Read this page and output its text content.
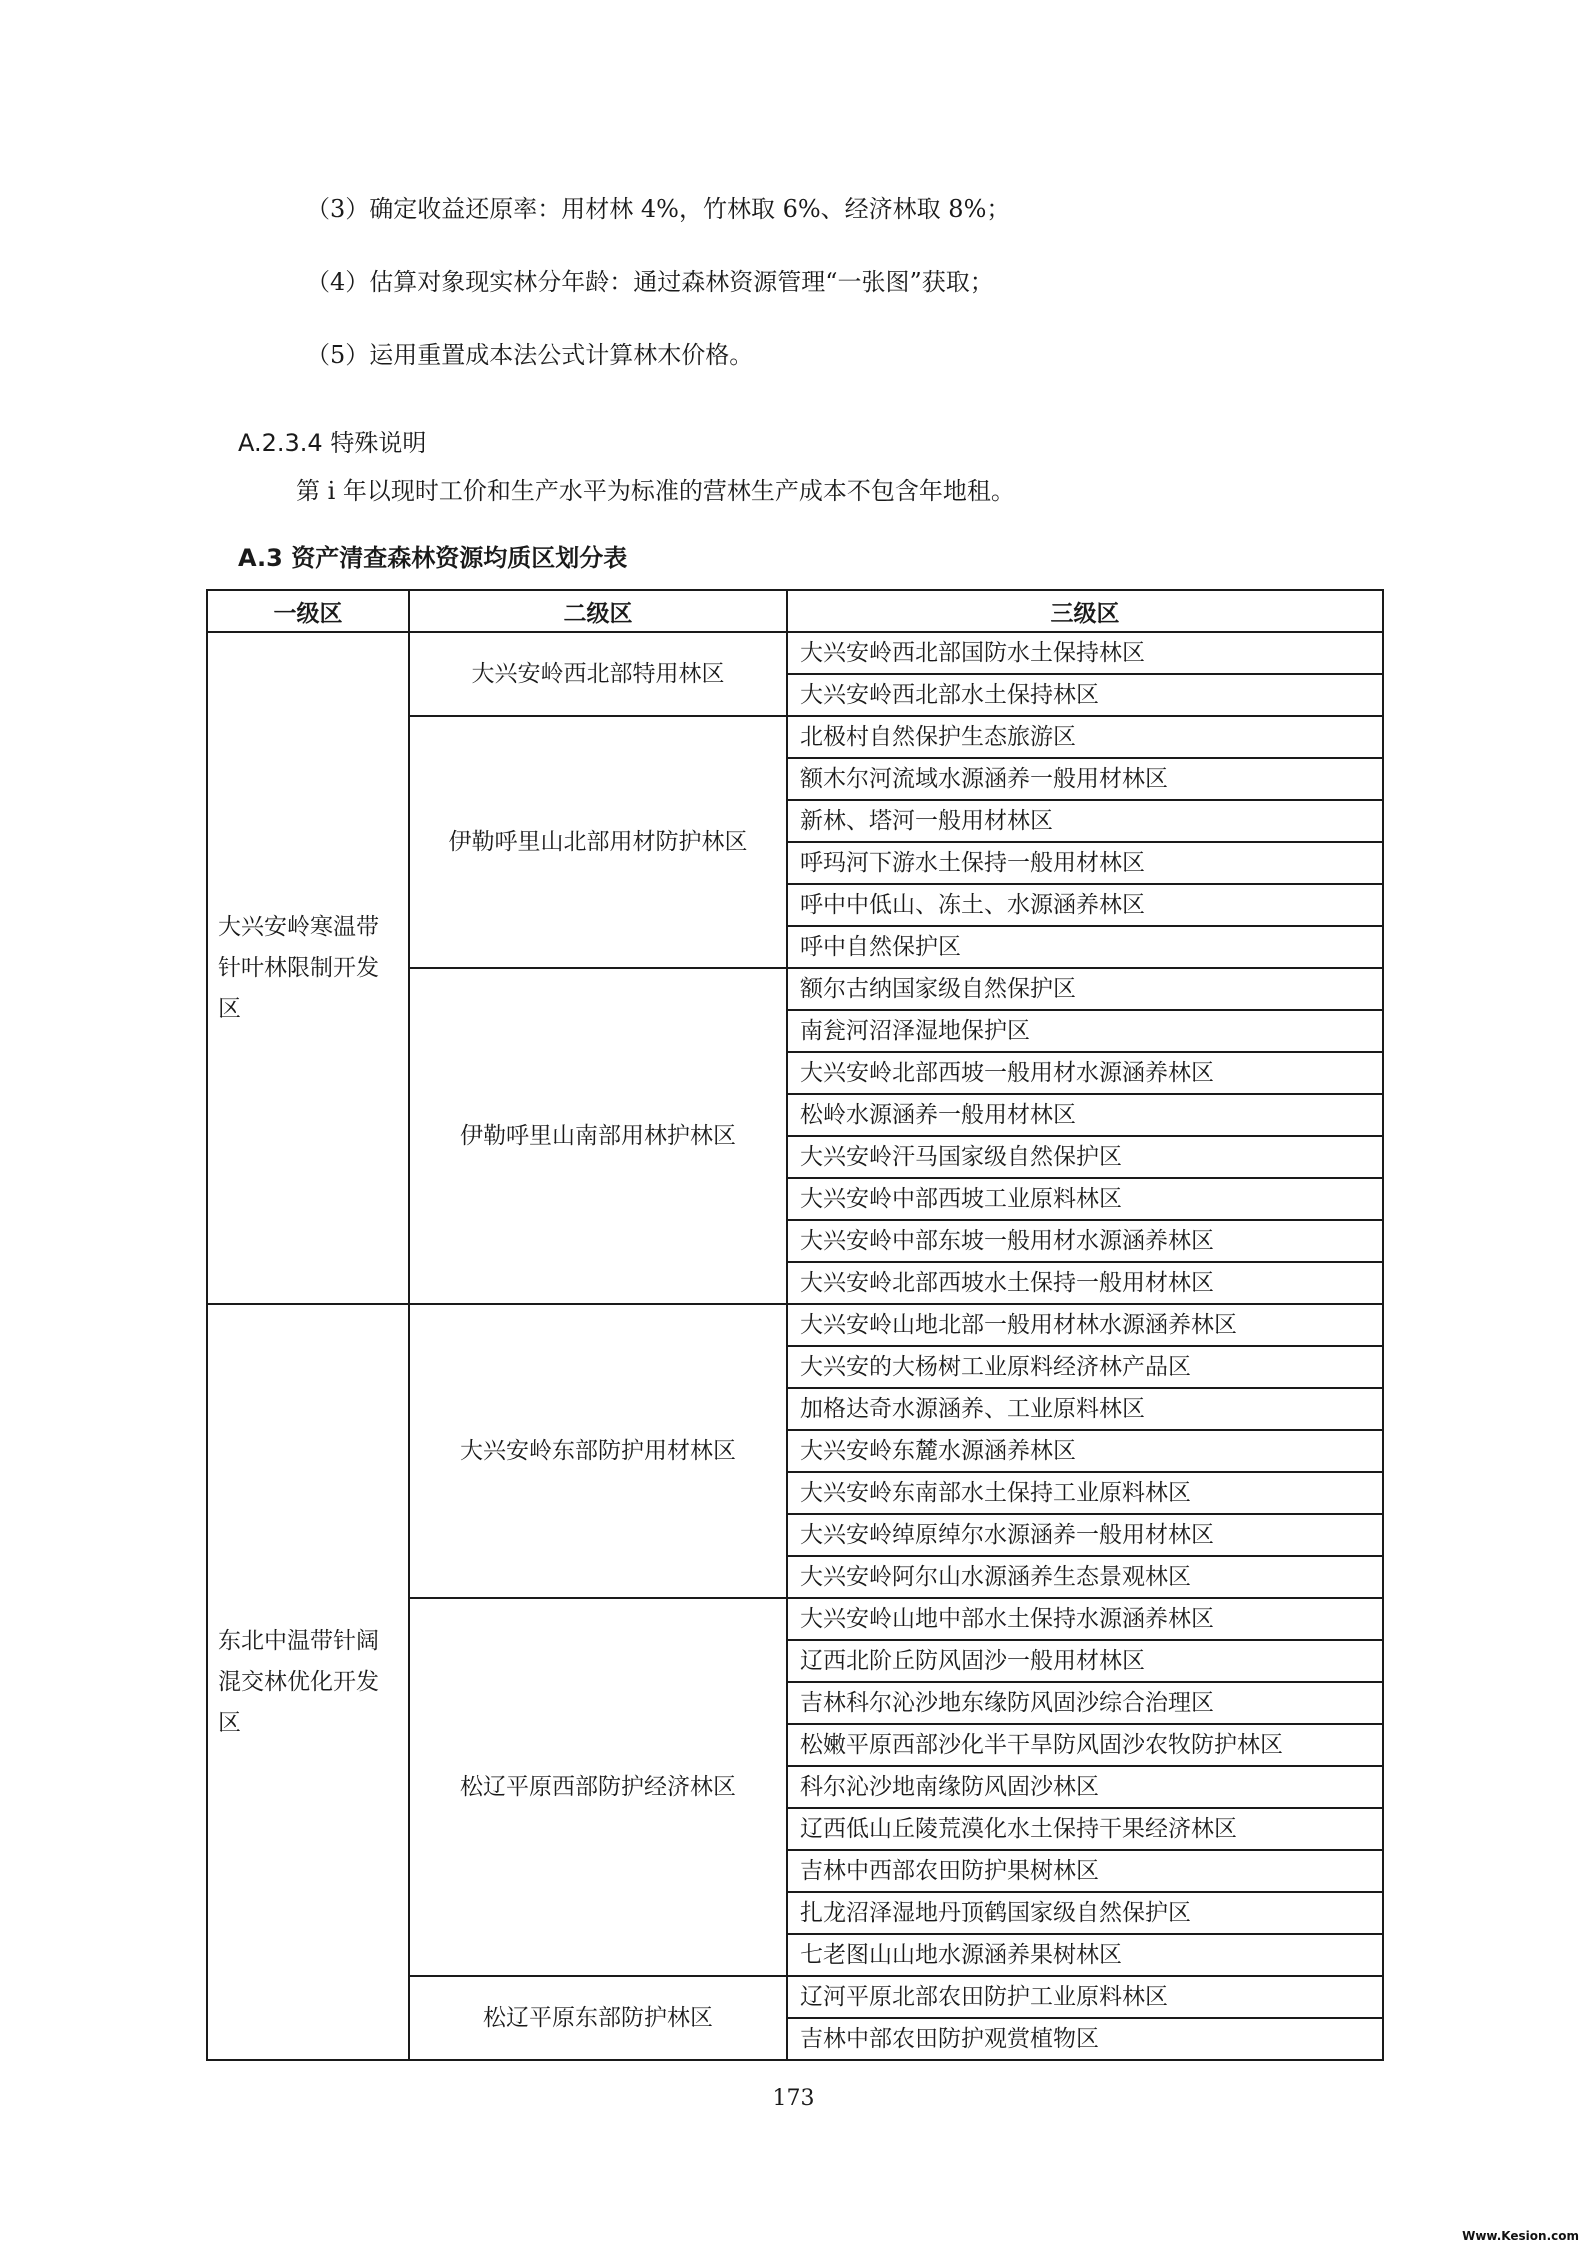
（3）确定收益还原率：用材林 4%，竹林取 6%、经济林取 8%；
（4）估算对象现实林分年龄：通过森林资源管理“一张图”获取；
（5）运用重置成本法公式计算林木价格。
A.2.3.4 特殊说明
第 i 年以现时工价和生产水平为标准的营林生产成本不包含年地租。
A.3 资产清查森林资源均质区划分表
一级区	二级区	三级区
大兴安岭寒温带针叶林限制开发区	大兴安岭西北部特用林区	大兴安岭西北部国防水土保持林区
		大兴安岭西北部水土保持林区
	伊勒呼里山北部用材防护林区	北极村自然保护生态旅游区
		额木尔河流域水源涵养一般用材林区
		新林、塔河一般用材林区
		呼玛河下游水土保持一般用材林区
		呼中中低山、冻土、水源涵养林区
		呼中自然保护区
	伊勒呼里山南部用林护林区	额尔古纳国家级自然保护区
		南瓮河沼泽湿地保护区
		大兴安岭北部西坡一般用材水源涵养林区
		松岭水源涵养一般用材林区
		大兴安岭汗马国家级自然保护区
		大兴安岭中部西坡工业原料林区
		大兴安岭中部东坡一般用材水源涵养林区
		大兴安岭北部西坡水土保持一般用材林区
东北中温带针阔混交林优化开发区	大兴安岭东部防护用材林区	大兴安岭山地北部一般用材林水源涵养林区
		大兴安的大杨树工业原料经济林产品区
		加格达奇水源涵养、工业原料林区
		大兴安岭东麓水源涵养林区
		大兴安岭东南部水土保持工业原料林区
		大兴安岭绰原绰尔水源涵养一般用材林区
		大兴安岭阿尔山水源涵养生态景观林区
	松辽平原西部防护经济林区	大兴安岭山地中部水土保持水源涵养林区
		辽西北阶丘防风固沙一般用材林区
		吉林科尔沁沙地东缘防风固沙综合治理区
		松嫩平原西部沙化半干旱防风固沙农牧防护林区
		科尔沁沙地南缘防风固沙林区
		辽西低山丘陵荒漠化水土保持干果经济林区
		吉林中西部农田防护果树林区
		扎龙沼泽湿地丹顶鹤国家级自然保护区
		七老图山山地水源涵养果树林区
	松辽平原东部防护林区	辽河平原北部农田防护工业原料林区
		吉林中部农田防护观赏植物区
173
Www.Kesion.com
